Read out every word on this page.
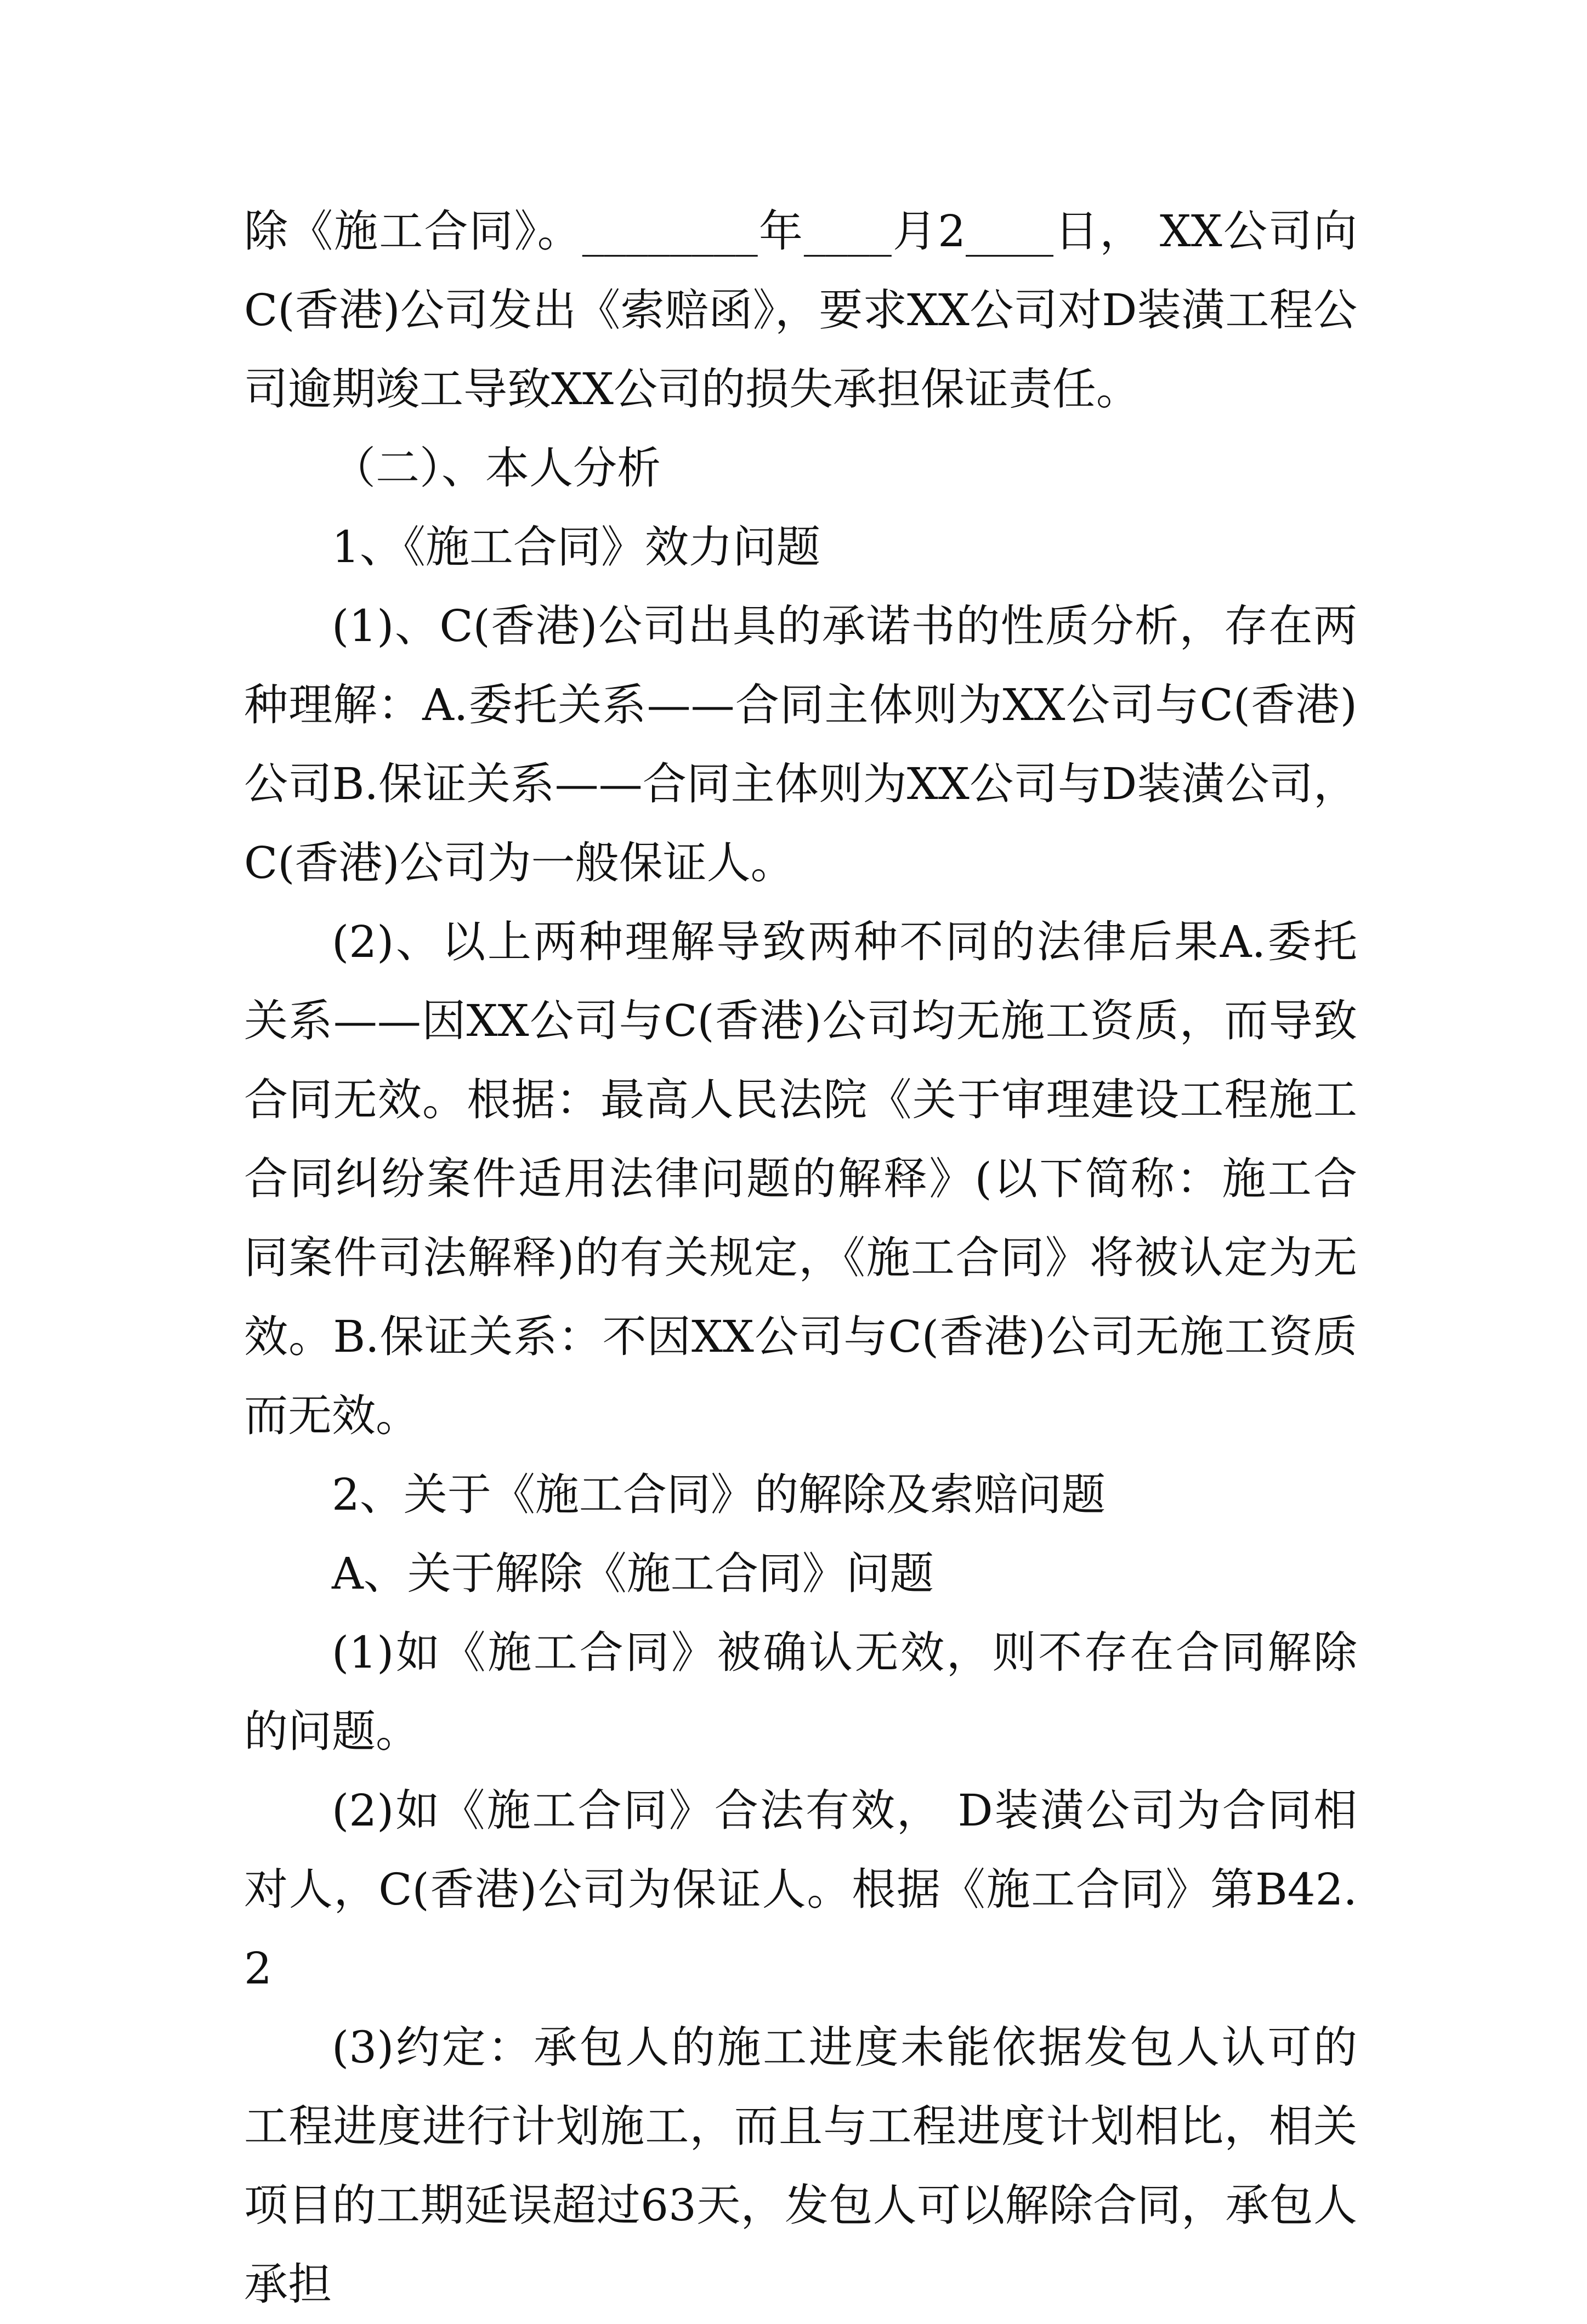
除《施工合同》。________年____月2____日， XX公司向C(香港)公司发出《索赔函》，要求XX公司对D装潢工程公司逾期竣工导致XX公司的损失承担保证责任。

（二）、本人分析

1、《施工合同》效力问题

(1)、C(香港)公司出具的承诺书的性质分析，存在两种理解：A.委托关系——合同主体则为XX公司与C(香港)公司B.保证关系——合同主体则为XX公司与D装潢公司， C(香港)公司为一般保证人。

(2)、以上两种理解导致两种不同的法律后果A.委托关系——因XX公司与C(香港)公司均无施工资质，而导致合同无效。根据：最高人民法院《关于审理建设工程施工合同纠纷案件适用法律问题的解释》(以下简称：施工合同案件司法解释)的有关规定，《施工合同》将被认定为无效。B.保证关系：不因XX公司与C(香港)公司无施工资质而无效。

2、关于《施工合同》的解除及索赔问题

A、关于解除《施工合同》问题

(1)如《施工合同》被确认无效，则不存在合同解除的问题。

(2)如《施工合同》合法有效， D装潢公司为合同相对人，C(香港)公司为保证人。根据《施工合同》第B42.2

(3)约定：承包人的施工进度未能依据发包人认可的工程进度进行计划施工，而且与工程进度计划相比，相关项目的工期延误超过63天，发包人可以解除合同，承包人承担
